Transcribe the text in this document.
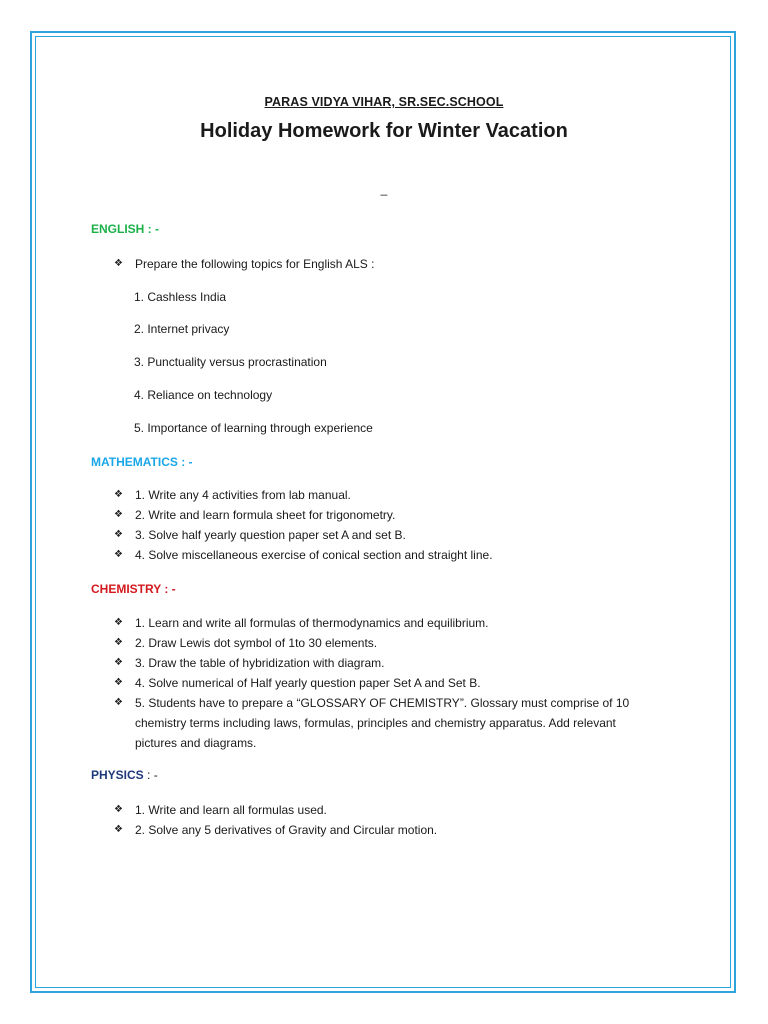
PARAS VIDYA VIHAR, SR.SEC.SCHOOL
Holiday Homework for Winter Vacation
_
ENGLISH : -
❖	Prepare the following topics for English ALS :
1. Cashless India
2. Internet privacy
3. Punctuality versus procrastination
4. Reliance on technology
5. Importance of learning through experience
MATHEMATICS : -
❖	1. Write any 4 activities from lab manual.
❖	2. Write and learn formula sheet for trigonometry.
❖	3. Solve half yearly question paper set A and set B.
❖	4. Solve miscellaneous exercise of conical section and straight line.
CHEMISTRY : -
❖	1. Learn and write all formulas of thermodynamics and equilibrium.
❖	2. Draw Lewis dot symbol of 1to 30 elements.
❖	3. Draw the table of hybridization with diagram.
❖	4. Solve numerical of Half yearly question paper Set A and Set B.
❖	5. Students have to prepare a “GLOSSARY OF CHEMISTRY”. Glossary must comprise of 10 chemistry terms including laws, formulas, principles and chemistry apparatus. Add relevant pictures and diagrams.
PHYSICS : -
❖	1. Write and learn all formulas used.
❖	2. Solve any 5 derivatives of Gravity and Circular motion.
